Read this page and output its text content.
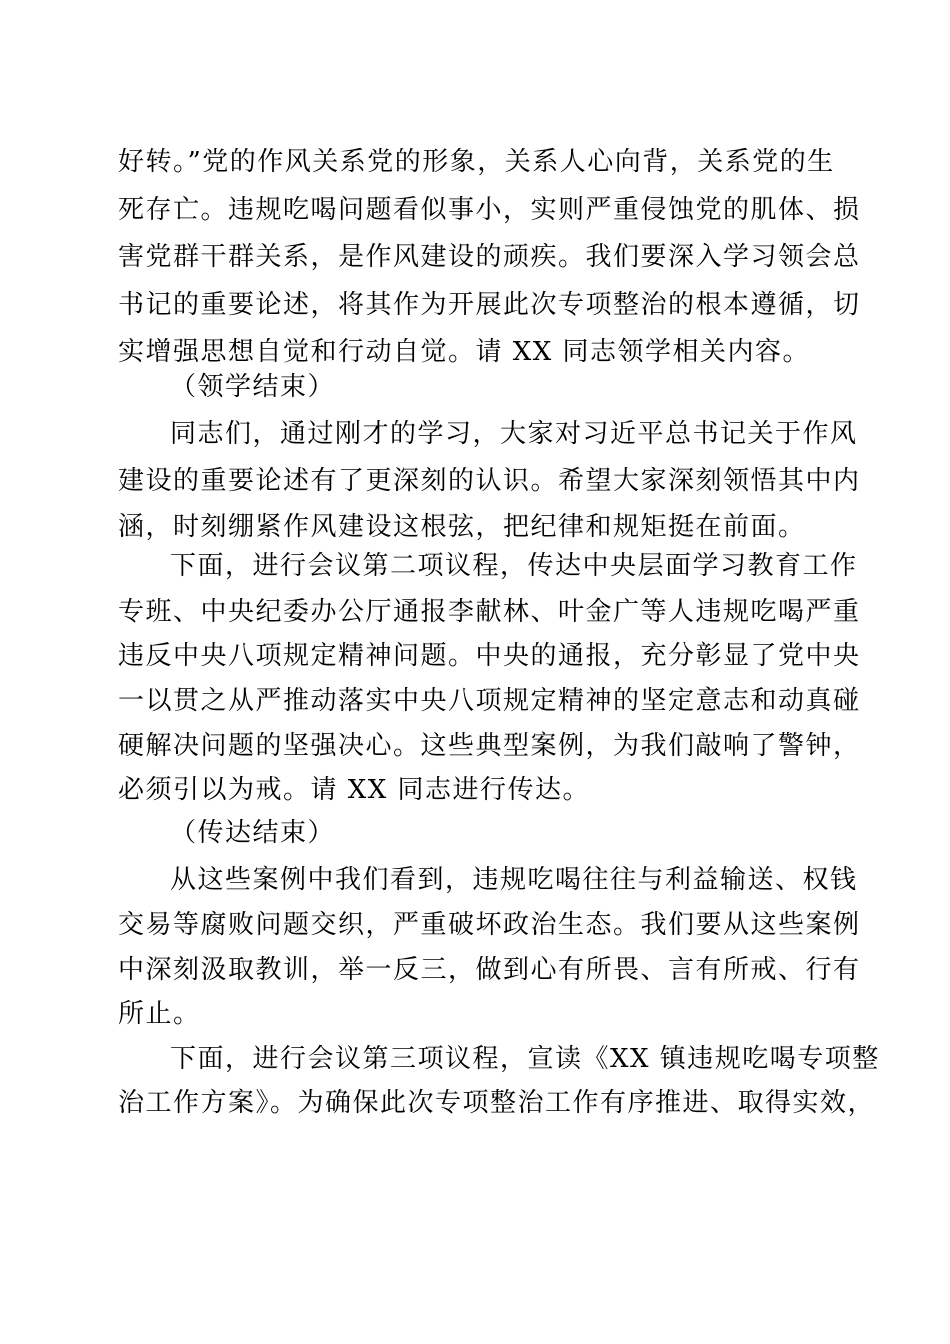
好转。”党的作风关系党的形象，关系人心向背，关系党的生
死存亡。违规吃喝问题看似事小，实则严重侵蚀党的肌体、损
害党群干群关系，是作风建设的顽疾。我们要深入学习领会总
书记的重要论述，将其作为开展此次专项整治的根本遵循，切
实增强思想自觉和行动自觉。请 XX 同志领学相关内容。
（领学结束）
同志们，通过刚才的学习，大家对习近平总书记关于作风
建设的重要论述有了更深刻的认识。希望大家深刻领悟其中内
涵，时刻绷紧作风建设这根弦，把纪律和规矩挺在前面。
下面，进行会议第二项议程，传达中央层面学习教育工作
专班、中央纪委办公厅通报李献林、叶金广等人违规吃喝严重
违反中央八项规定精神问题。中央的通报，充分彰显了党中央
一以贯之从严推动落实中央八项规定精神的坚定意志和动真碰
硬解决问题的坚强决心。这些典型案例，为我们敲响了警钟，
必须引以为戒。请 XX 同志进行传达。
（传达结束）
从这些案例中我们看到，违规吃喝往往与利益输送、权钱
交易等腐败问题交织，严重破坏政治生态。我们要从这些案例
中深刻汲取教训，举一反三，做到心有所畏、言有所戒、行有
所止。
下面，进行会议第三项议程，宣读《XX 镇违规吃喝专项整
治工作方案》。为确保此次专项整治工作有序推进、取得实效，
